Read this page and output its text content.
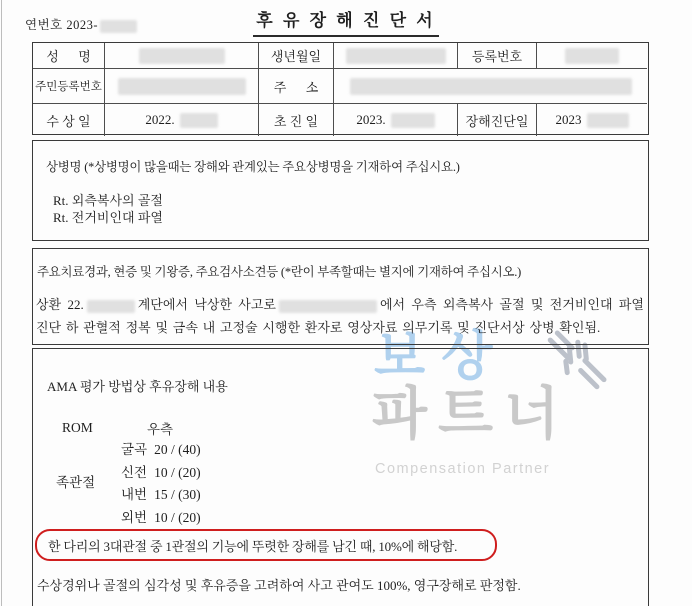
보상
파트너
Compensation Partner
연번호 2023-	후 유 장 해 진 단 서
성      명	생년월일	등록번호
주민등록번호	주      소
수 상 일	2022.	초 진 일	2023.	장해진단일	2023
상병명 (*상병명이 많을때는 장해와 관계있는 주요상병명을 기재하여 주십시요.)
Rt. 외측복사의 골절
Rt. 전거비인대 파열
주요치료경과, 현증 및 기왕증, 주요검사소견등 (*란이 부족할때는 별지에 기재하여 주십시오.)
상환 22.	계단에서 낙상한 사고로	에서 우측 외측복사 골절 및 전거비인대 파열 진단 하 관혈적 정복 및 금속 내 고정술 시행한 환자로 영상자료 의무기록 및 진단서상 상병 확인됨.
AMA 평가 방법상 후유장해 내용
ROM	우측
족관절
굴곡 20 / (40)
신전 10 / (20)
내번 15 / (30)
외번 10 / (20)
한 다리의 3대관절 중 1관절의 기능에 뚜렷한 장해를 남긴 때, 10%에 해당함.
수상경위나 골절의 심각성 및 후유증을 고려하여 사고 관여도 100%, 영구장해로 판정함.
